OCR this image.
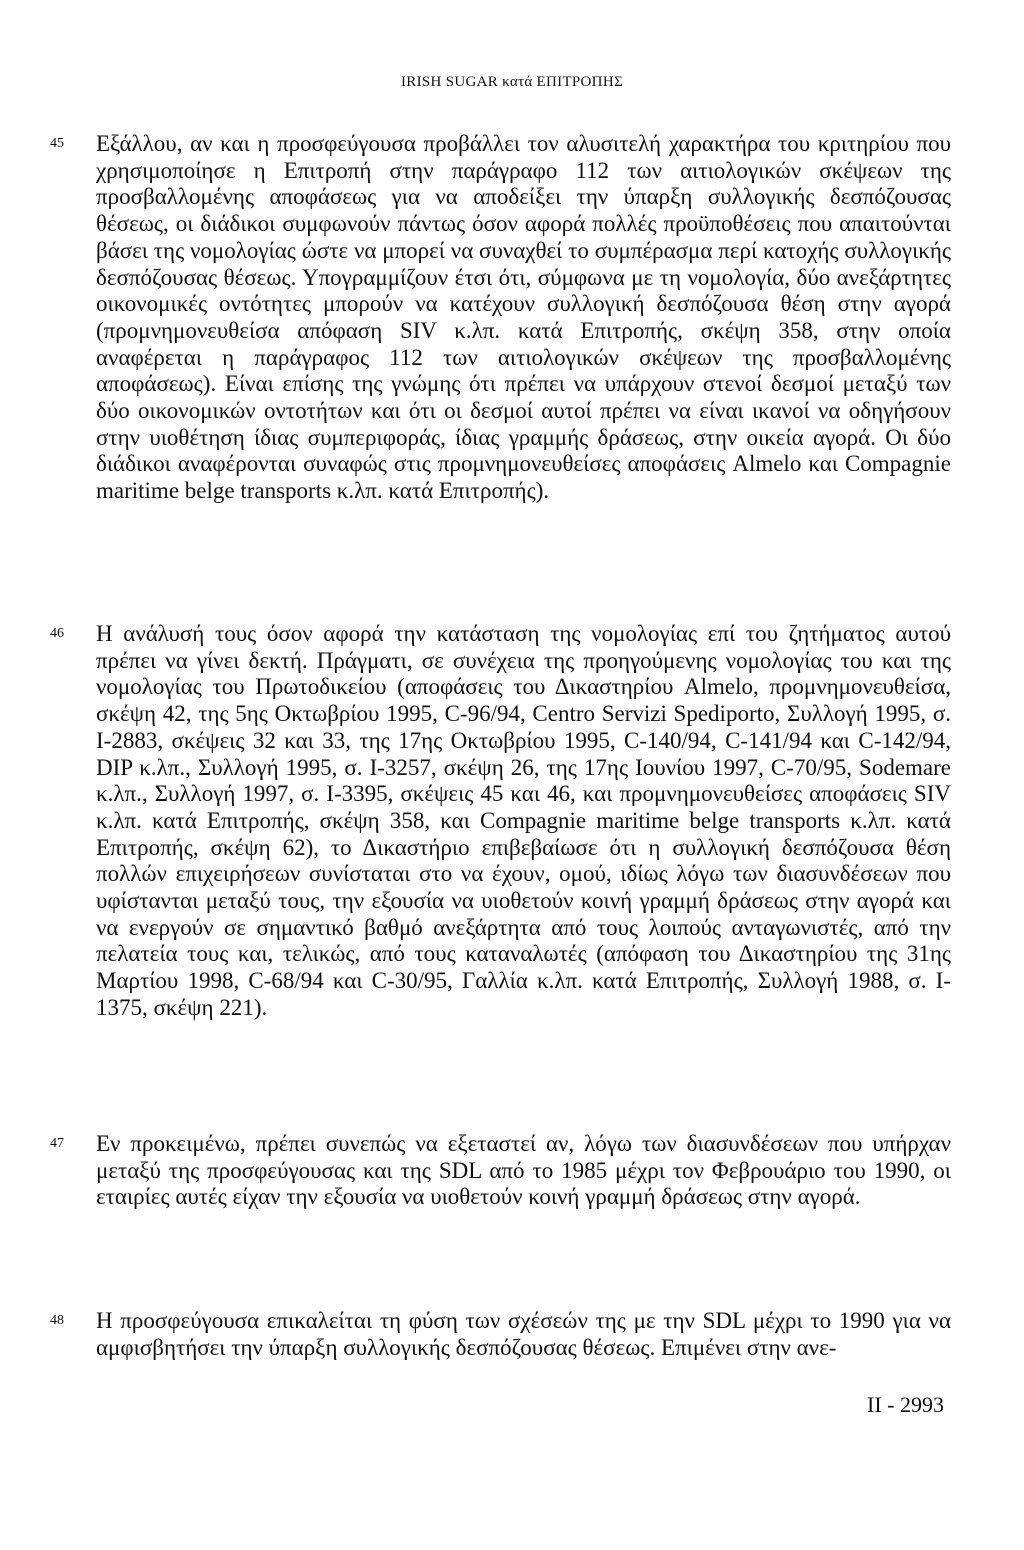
IRISH SUGAR κατά ΕΠΙΤΡΟΠΗΣ
45 Εξάλλου, αν και η προσφεύγουσα προβάλλει τον αλυσιτελή χαρακτήρα του κριτηρίου που χρησιμοποίησε η Επιτροπή στην παράγραφο 112 των αιτιολογικών σκέψεων της προσβαλλομένης αποφάσεως για να αποδείξει την ύπαρξη συλλογικής δεσπόζουσας θέσεως, οι διάδικοι συμφωνούν πάντως όσον αφορά πολλές προϋποθέσεις που απαιτούνται βάσει της νομολογίας ώστε να μπορεί να συναχθεί το συμπέρασμα περί κατοχής συλλογικής δεσπόζουσας θέσεως. Υπογραμμίζουν έτσι ότι, σύμφωνα με τη νομολογία, δύο ανεξάρτητες οικονομικές οντότητες μπορούν να κατέχουν συλλογική δεσπόζουσα θέση στην αγορά (προμνημονευθείσα απόφαση SIV κ.λπ. κατά Επιτροπής, σκέψη 358, στην οποία αναφέρεται η παράγραφος 112 των αιτιολογικών σκέψεων της προσβαλλομένης αποφάσεως). Είναι επίσης της γνώμης ότι πρέπει να υπάρχουν στενοί δεσμοί μεταξύ των δύο οικονομικών οντοτήτων και ότι οι δεσμοί αυτοί πρέπει να είναι ικανοί να οδηγήσουν στην υιοθέτηση ίδιας συμπεριφοράς, ίδιας γραμμής δράσεως, στην οικεία αγορά. Οι δύο διάδικοι αναφέρονται συναφώς στις προμνημονευθείσες αποφάσεις Almelo και Compagnie maritime belge transports κ.λπ. κατά Επιτροπής).

46 Η ανάλυσή τους όσον αφορά την κατάσταση της νομολογίας επί του ζητήματος αυτού πρέπει να γίνει δεκτή. Πράγματι, σε συνέχεια της προηγούμενης νομολογίας του και της νομολογίας του Πρωτοδικείου (αποφάσεις του Δικαστηρίου Almelo, προμνημονευθείσα, σκέψη 42, της 5ης Οκτωβρίου 1995, C-96/94, Centro Servizi Spediporto, Συλλογή 1995, σ. I-2883, σκέψεις 32 και 33, της 17ης Οκτωβρίου 1995, C-140/94, C-141/94 και C-142/94, DIP κ.λπ., Συλλογή 1995, σ. I-3257, σκέψη 26, της 17ης Ιουνίου 1997, C-70/95, Sodemare κ.λπ., Συλλογή 1997, σ. I-3395, σκέψεις 45 και 46, και προμνημονευθείσες αποφάσεις SIV κ.λπ. κατά Επιτροπής, σκέψη 358, και Compagnie maritime belge transports κ.λπ. κατά Επιτροπής, σκέψη 62), το Δικαστήριο επιβεβαίωσε ότι η συλλογική δεσπόζουσα θέση πολλών επιχειρήσεων συνίσταται στο να έχουν, ομού, ιδίως λόγω των διασυνδέσεων που υφίστανται μεταξύ τους, την εξουσία να υιοθετούν κοινή γραμμή δράσεως στην αγορά και να ενεργούν σε σημαντικό βαθμό ανεξάρτητα από τους λοιπούς ανταγωνιστές, από την πελατεία τους και, τελικώς, από τους καταναλωτές (απόφαση του Δικαστηρίου της 31ης Μαρτίου 1998, C-68/94 και C-30/95, Γαλλία κ.λπ. κατά Επιτροπής, Συλλογή 1988, σ. I-1375, σκέψη 221).

47 Εν προκειμένω, πρέπει συνεπώς να εξεταστεί αν, λόγω των διασυνδέσεων που υπήρχαν μεταξύ της προσφεύγουσας και της SDL από το 1985 μέχρι τον Φεβρουάριο του 1990, οι εταιρίες αυτές είχαν την εξουσία να υιοθετούν κοινή γραμμή δράσεως στην αγορά.

48 Η προσφεύγουσα επικαλείται τη φύση των σχέσεών της με την SDL μέχρι το 1990 για να αμφισβητήσει την ύπαρξη συλλογικής δεσπόζουσας θέσεως. Επιμένει στην ανε-

II - 2993
